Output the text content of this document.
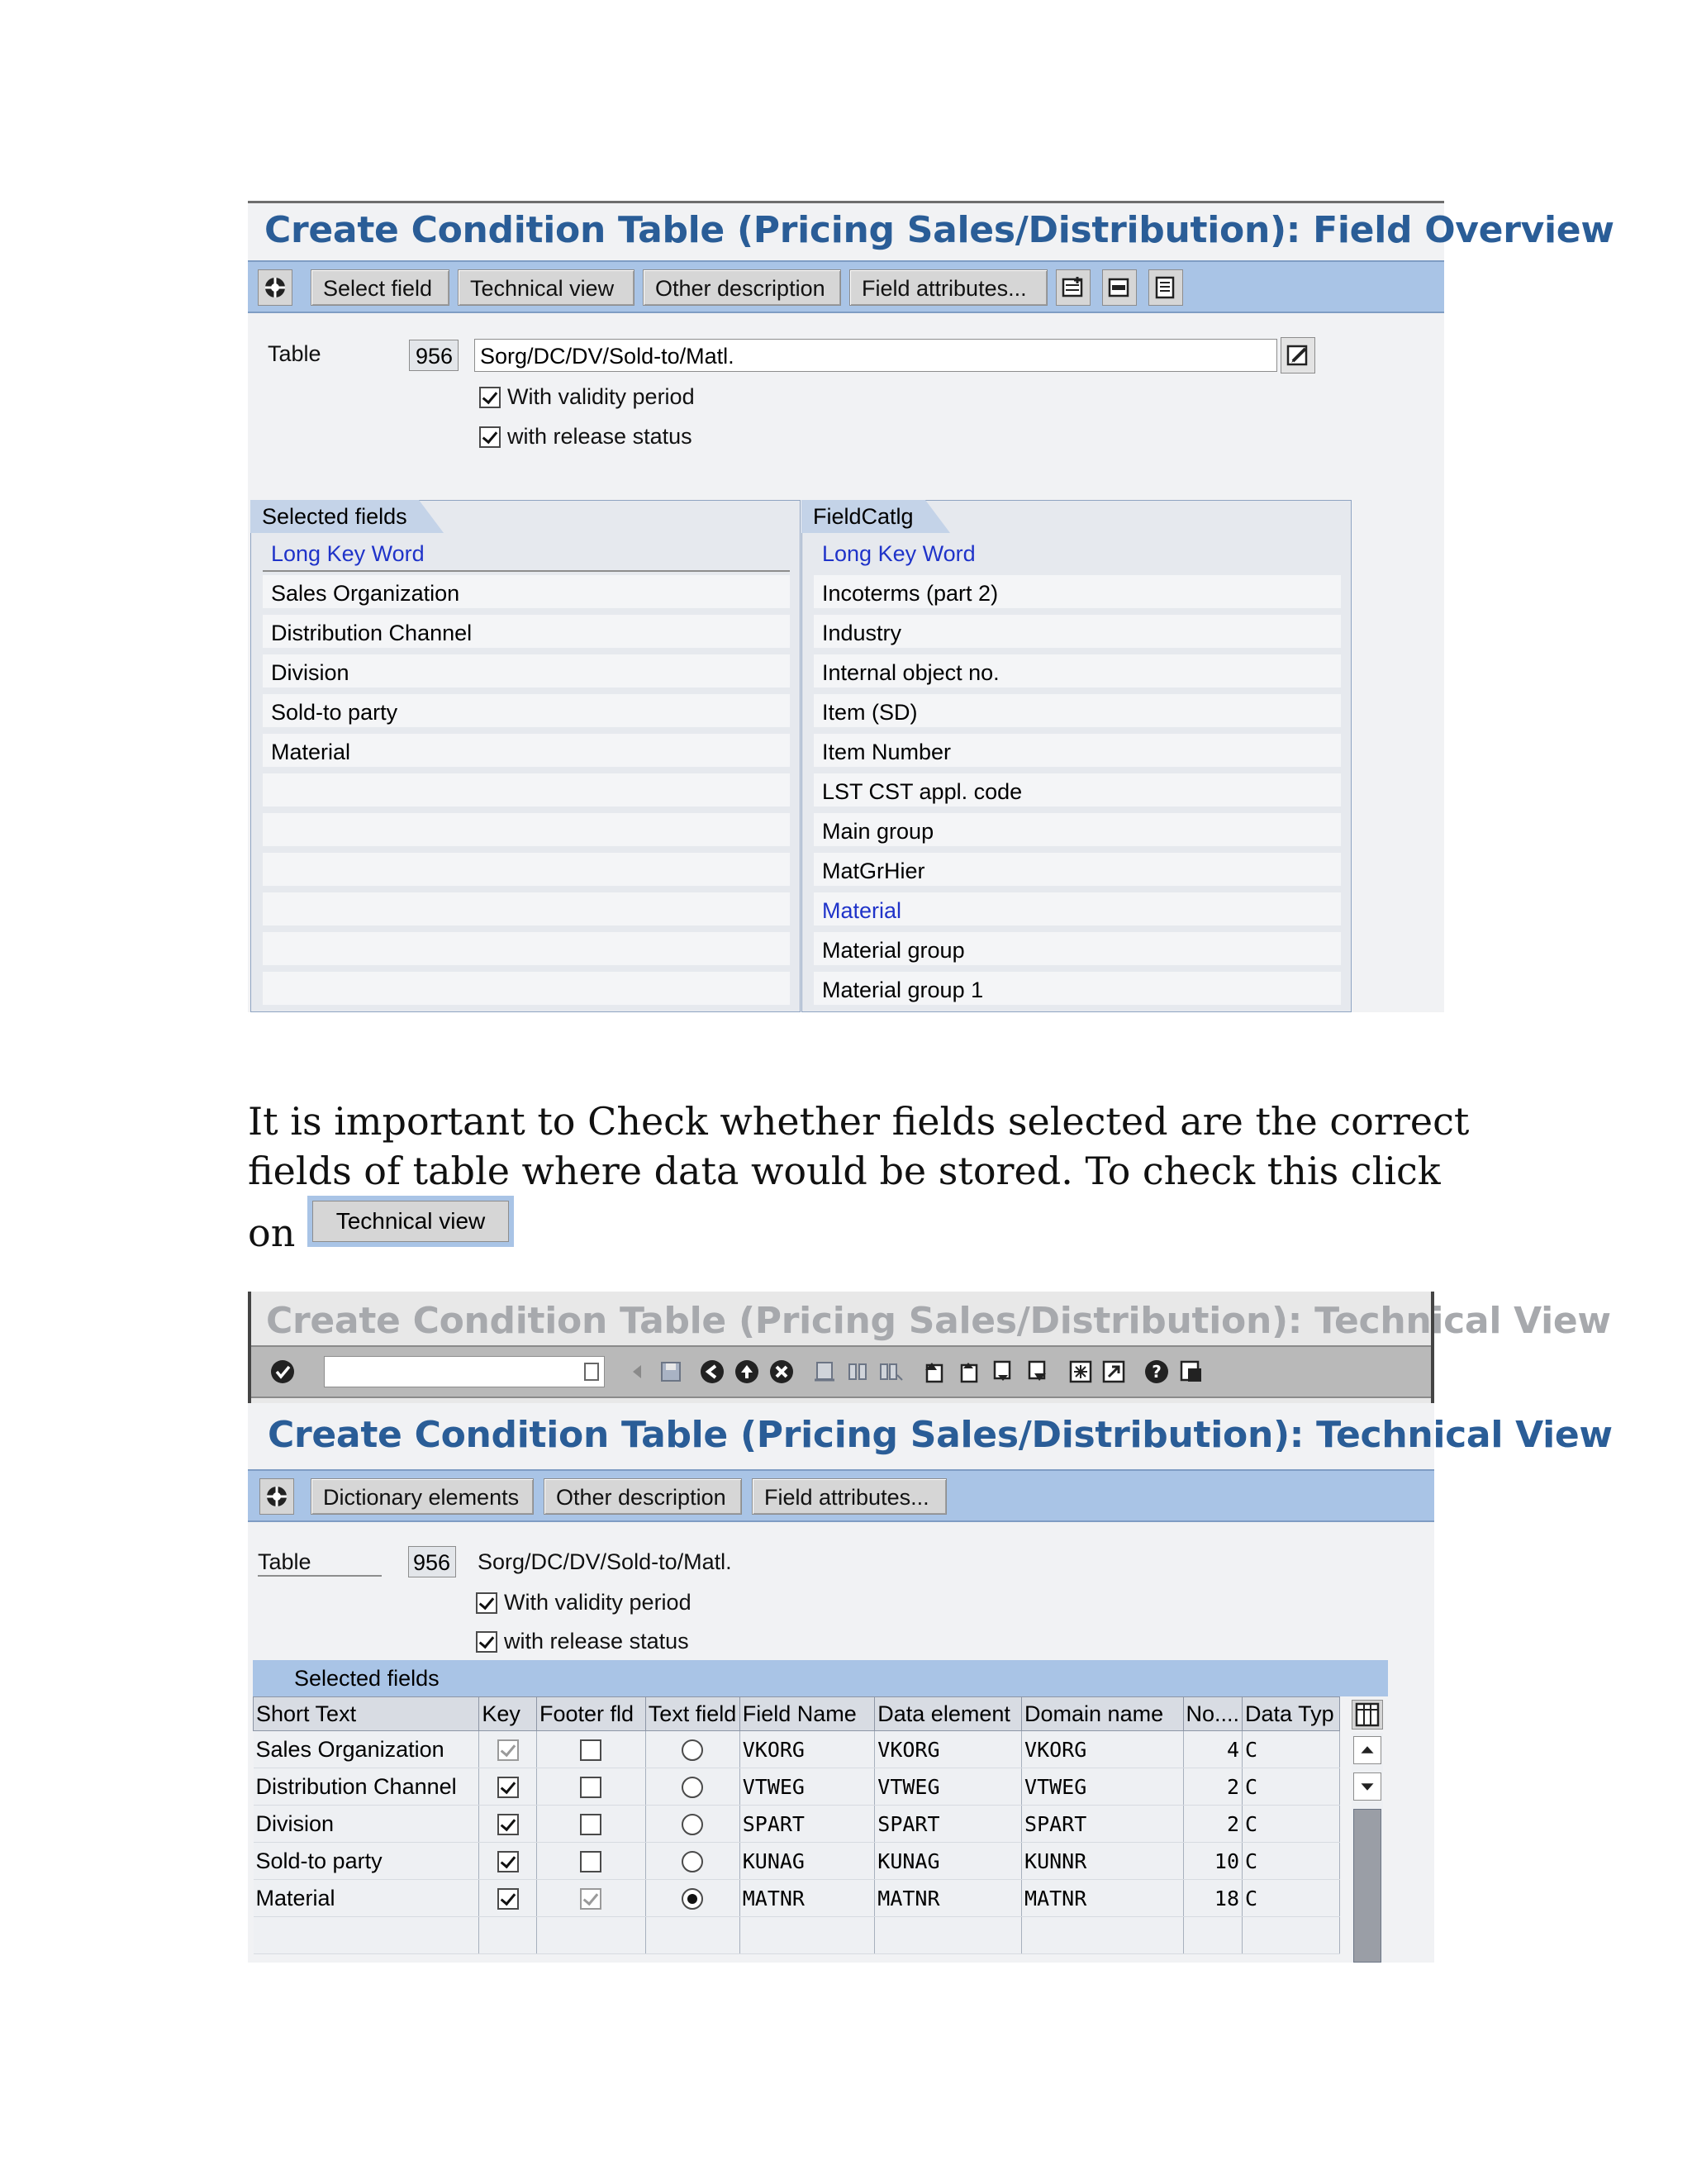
Create Condition Table (Pricing Sales/Distribution): Field Overview
Select field	Technical view	Other description	Field attributes...
Table	956 Sorg/DC/DV/Sold-to/Matl.
With validity period
with release status
Selected fields
Long Key Word
Sales Organization
Distribution Channel
Division
Sold-to party
Material
FieldCatlg
Long Key Word
Incoterms (part 2)
Industry
Internal object no.
Item (SD)
Item Number
LST CST appl. code
Main group
MatGrHier
Material
Material group
Material group 1
It is important to Check whether fields selected are the correct
fields of table where data would be stored. To check this click
on	Technical view
Create Condition Table (Pricing Sales/Distribution): Technical View
?
Create Condition Table (Pricing Sales/Distribution): Technical View
Dictionary elements	Other description	Field attributes...
Table	956 Sorg/DC/DV/Sold-to/Matl.
With validity period
with release status
Selected fields
Short Text	Key	Footer fld	Text field	Field Name	Data element	Domain name	No....	Data Typ
Sales Organization				VKORG	VKORG	VKORG	4	C
Distribution Channel				VTWEG	VTWEG	VTWEG	2	C
Division				SPART	SPART	SPART	2	C
Sold-to party				KUNAG	KUNAG	KUNNR	10	C
Material				MATNR	MATNR	MATNR	18	C
